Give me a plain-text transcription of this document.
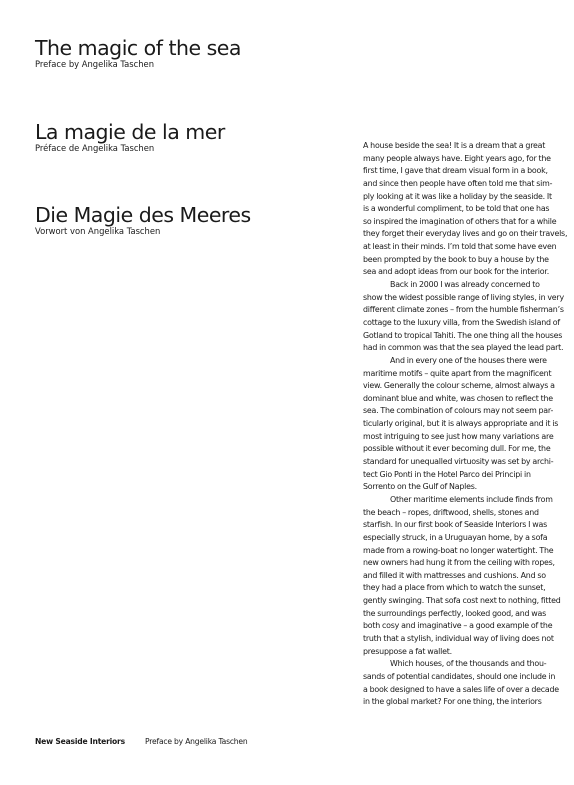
The magic of the sea
Preface by Angelika Taschen
La magie de la mer
Préface de Angelika Taschen
Die Magie des Meeres
Vorwort von Angelika Taschen
A house beside the sea! It is a dream that a great
many people always have. Eight years ago, for the
first time, I gave that dream visual form in a book,
and since then people have often told me that sim-
ply looking at it was like a holiday by the seaside. It
is a wonderful compliment, to be told that one has
so inspired the imagination of others that for a while
they forget their everyday lives and go on their travels,
at least in their minds. I’m told that some have even
been prompted by the book to buy a house by the
sea and adopt ideas from our book for the interior.
Back in 2000 I was already concerned to
show the widest possible range of living styles, in very
different climate zones – from the humble fisherman’s
cottage to the luxury villa, from the Swedish island of
Gotland to tropical Tahiti. The one thing all the houses
had in common was that the sea played the lead part.
And in every one of the houses there were
maritime motifs – quite apart from the magnificent
view. Generally the colour scheme, almost always a
dominant blue and white, was chosen to reflect the
sea. The combination of colours may not seem par-
ticularly original, but it is always appropriate and it is
most intriguing to see just how many variations are
possible without it ever becoming dull. For me, the
standard for unequalled virtuosity was set by archi-
tect Gio Ponti in the Hotel Parco dei Principi in
Sorrento on the Gulf of Naples.
Other maritime elements include finds from
the beach – ropes, driftwood, shells, stones and
starfish. In our first book of Seaside Interiors I was
especially struck, in a Uruguayan home, by a sofa
made from a rowing-boat no longer watertight. The
new owners had hung it from the ceiling with ropes,
and filled it with mattresses and cushions. And so
they had a place from which to watch the sunset,
gently swinging. That sofa cost next to nothing, fitted
the surroundings perfectly, looked good, and was
both cosy and imaginative – a good example of the
truth that a stylish, individual way of living does not
presuppose a fat wallet.
Which houses, of the thousands and thou-
sands of potential candidates, should one include in
a book designed to have a sales life of over a decade
in the global market? For one thing, the interiors
New Seaside Interiors	Preface by Angelika Taschen
